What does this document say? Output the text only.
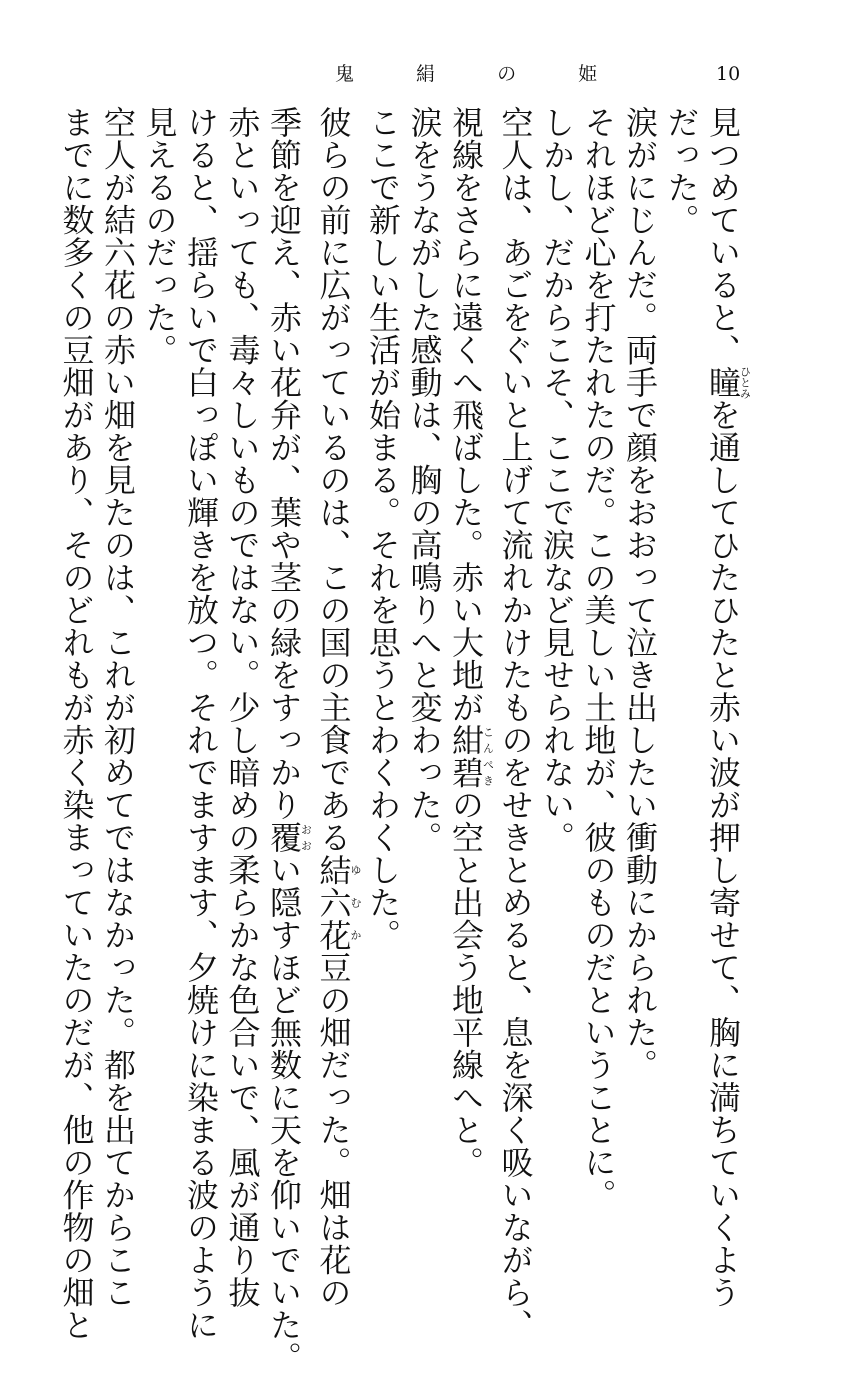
鬼 絹 の 姫	10

見つめていると、瞳ひとみを通してひたひたと赤い波が押し寄せて、胸に満ちていくよう

だった。

涙がにじんだ。両手で顔をおおって泣き出したい衝動にかられた。

それほど心を打たれたのだ。この美しい土地が、彼のものだということに。

しかし、だからこそ、ここで涙など見せられない。

空人は、あごをぐいと上げて流れかけたものをせきとめると、息を深く吸いながら、

視線をさらに遠くへ飛ばした。赤い大地が紺碧こんぺきの空と出会う地平線へと。

涙をうながした感動は、胸の高鳴りへと変わった。

ここで新しい生活が始まる。それを思うとわくわくした。

彼らの前に広がっているのは、この国の主食である結六花ゆむか豆の畑だった。畑は花の

季節を迎え、赤い花弁が、葉や茎の緑をすっかり覆おおい隠すほど無数に天を仰いでいた。

赤といっても、毒々しいものではない。少し暗めの柔らかな色合いで、風が通り抜

けると、揺らいで白っぽい輝きを放つ。それでますます、夕焼けに染まる波のように

見えるのだった。

空人が結六花の赤い畑を見たのは、これが初めてではなかった。都を出てからここ

までに数多くの豆畑があり、そのどれもが赤く染まっていたのだが、他の作物の畑と
